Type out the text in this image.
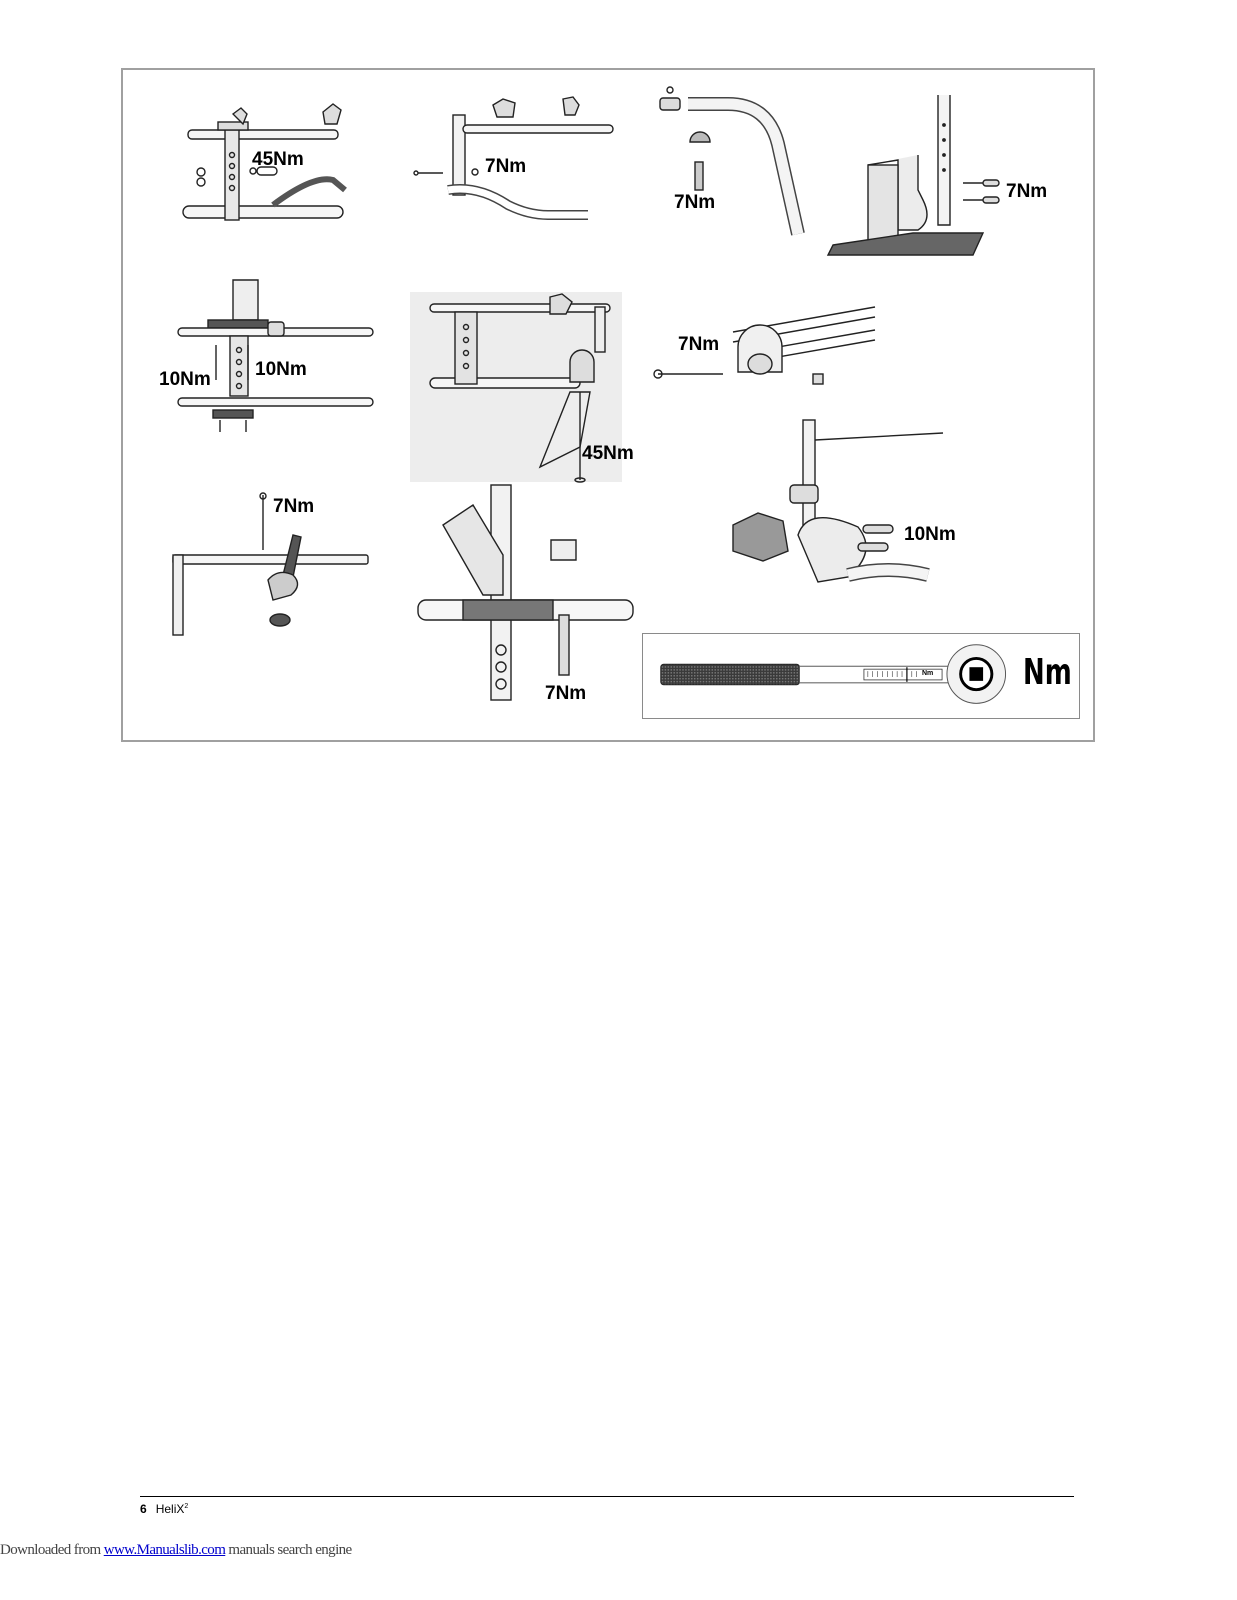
45Nm	7Nm
7Nm
7Nm
10Nm 10Nm
45Nm
7Nm
7Nm
7Nm
10Nm
Nm Nm
6 HeliX$^2$
Downloaded from www.Manualslib.com manuals search engine
